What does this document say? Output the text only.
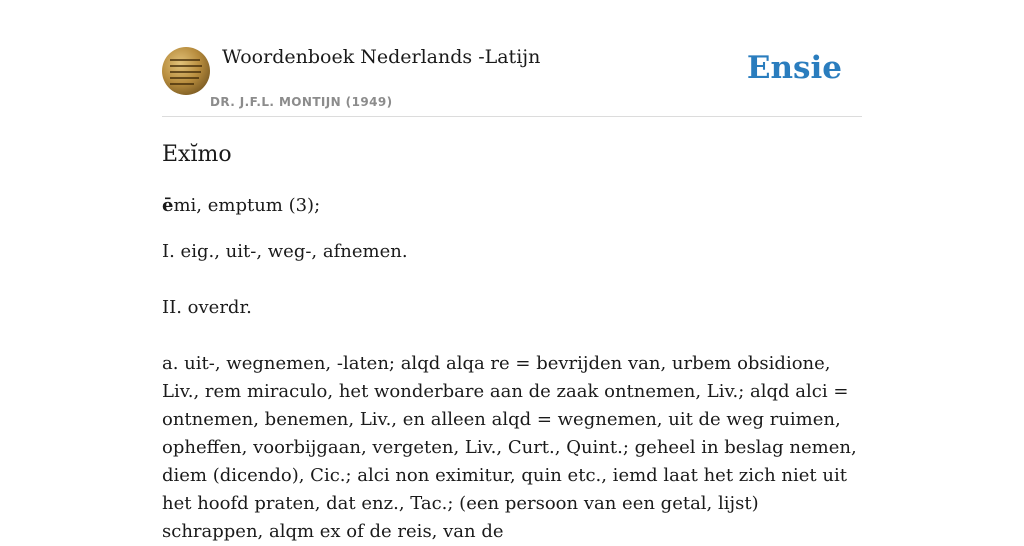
Woordenboek Nederlands -Latijn
DR. J.F.L. MONTIJN (1949)
Ensie
Exĭmo

ēmi, emptum (3);

I. eig., uit-, weg-, afnemen.

II. overdr.

a. uit-, wegnemen, -laten; alqd alqa re = bevrijden van, urbem obsidione, Liv., rem miraculo, het wonderbare aan de zaak ontnemen, Liv.; alqd alci = ontnemen, benemen, Liv., en alleen alqd = wegnemen, uit de weg ruimen, opheffen, voorbijgaan, vergeten, Liv., Curt., Quint.; geheel in beslag nemen, diem (dicendo), Cic.; alci non eximitur, quin etc., iemd laat het zich niet uit het hoofd praten, dat enz., Tac.; (een persoon van een getal, lijst) schrappen, alqm ex of de reis, van de
